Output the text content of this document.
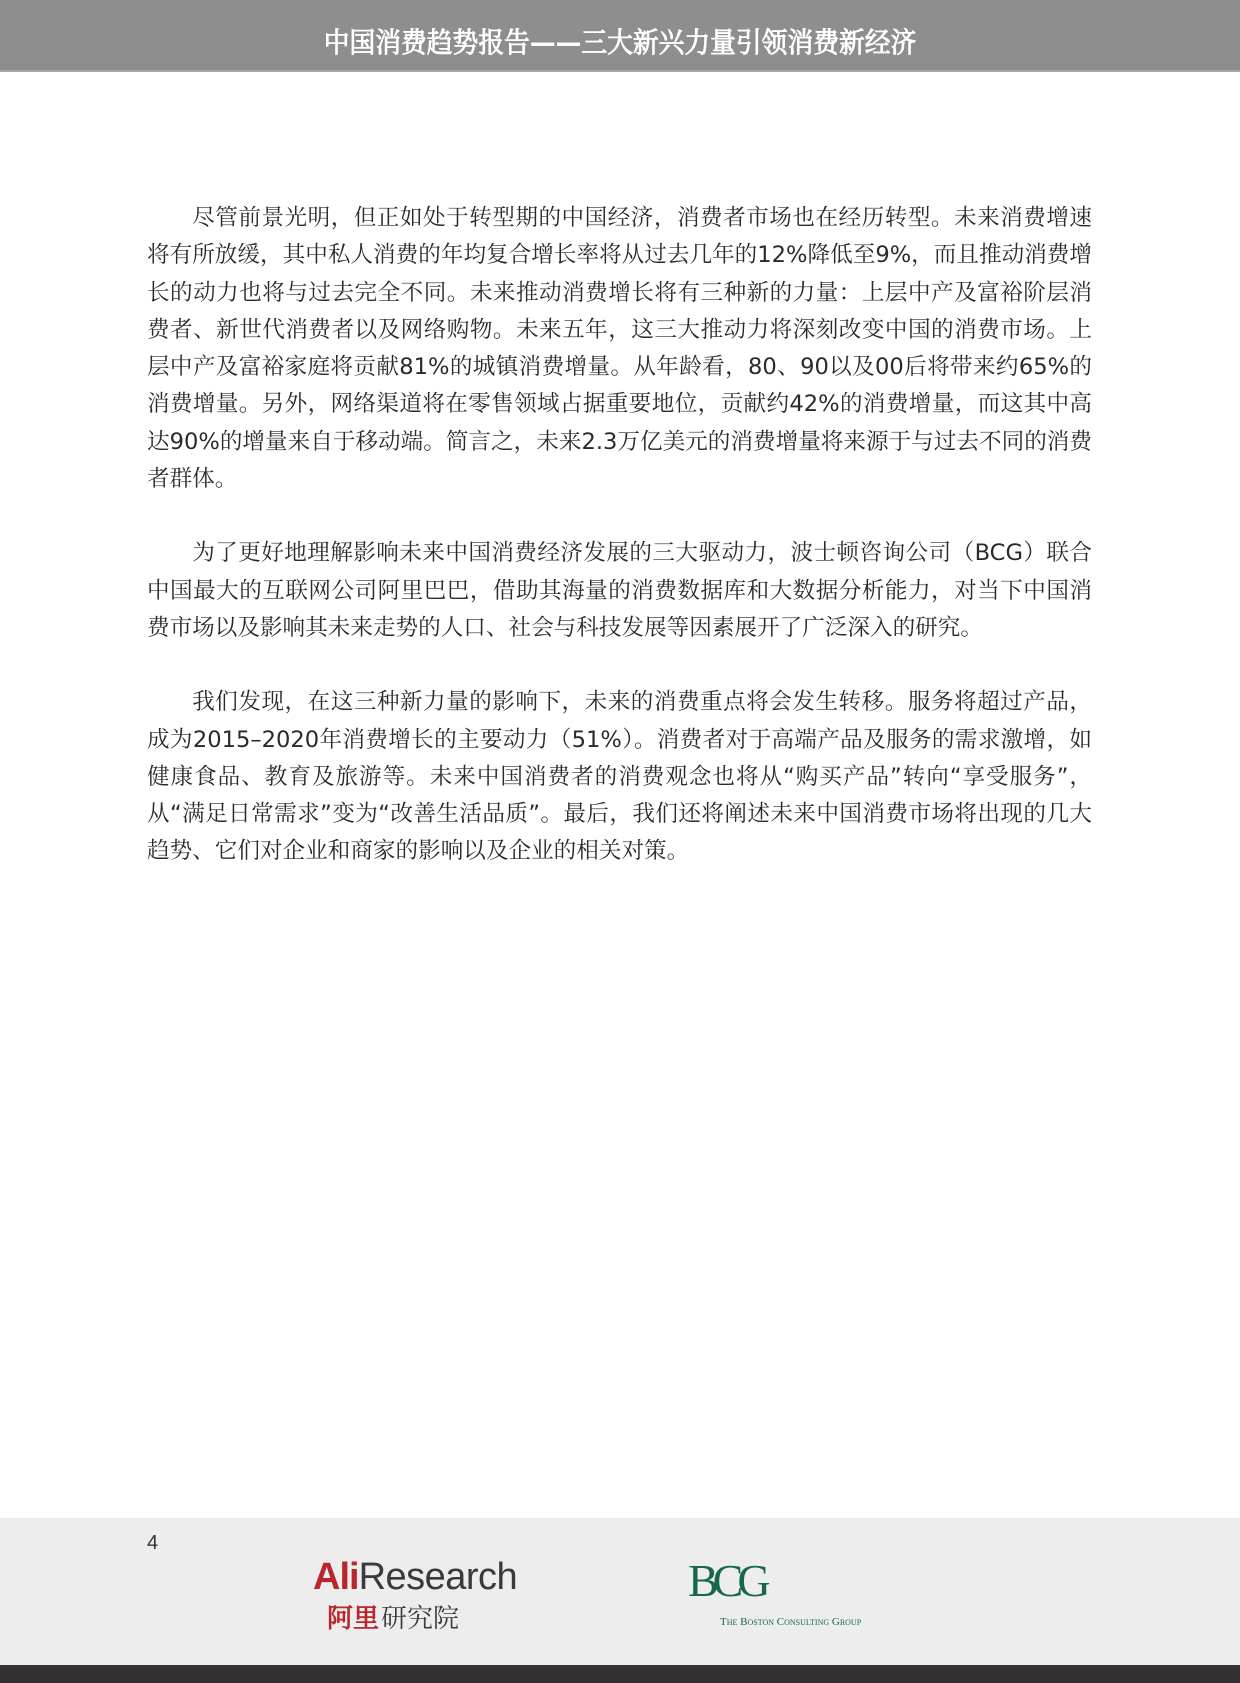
中国消费趋势报告——三大新兴力量引领消费新经济

尽管前景光明，但正如处于转型期的中国经济，消费者市场也在经历转型。未来消费增速将有所放缓，其中私人消费的年均复合增长率将从过去几年的12%降低至9%，而且推动消费增长的动力也将与过去完全不同。未来推动消费增长将有三种新的力量：上层中产及富裕阶层消费者、新世代消费者以及网络购物。未来五年，这三大推动力将深刻改变中国的消费市场。上层中产及富裕家庭将贡献81%的城镇消费增量。从年龄看，80、90以及00后将带来约65%的消费增量。另外，网络渠道将在零售领域占据重要地位，贡献约42%的消费增量，而这其中高达90%的增量来自于移动端。简言之，未来2.3万亿美元的消费增量将来源于与过去不同的消费者群体。

为了更好地理解影响未来中国消费经济发展的三大驱动力，波士顿咨询公司（BCG）联合中国最大的互联网公司阿里巴巴，借助其海量的消费数据库和大数据分析能力，对当下中国消费市场以及影响其未来走势的人口、社会与科技发展等因素展开了广泛深入的研究。

我们发现，在这三种新力量的影响下，未来的消费重点将会发生转移。服务将超过产品，成为2015–2020年消费增长的主要动力（51%）。消费者对于高端产品及服务的需求激增，如健康食品、教育及旅游等。未来中国消费者的消费观念也将从“购买产品”转向“享受服务”，从“满足日常需求”变为“改善生活品质”。最后，我们还将阐述未来中国消费市场将出现的几大趋势、它们对企业和商家的影响以及企业的相关对策。

4
Ali Research
阿里 研究院
BCG
The Boston Consulting Group
